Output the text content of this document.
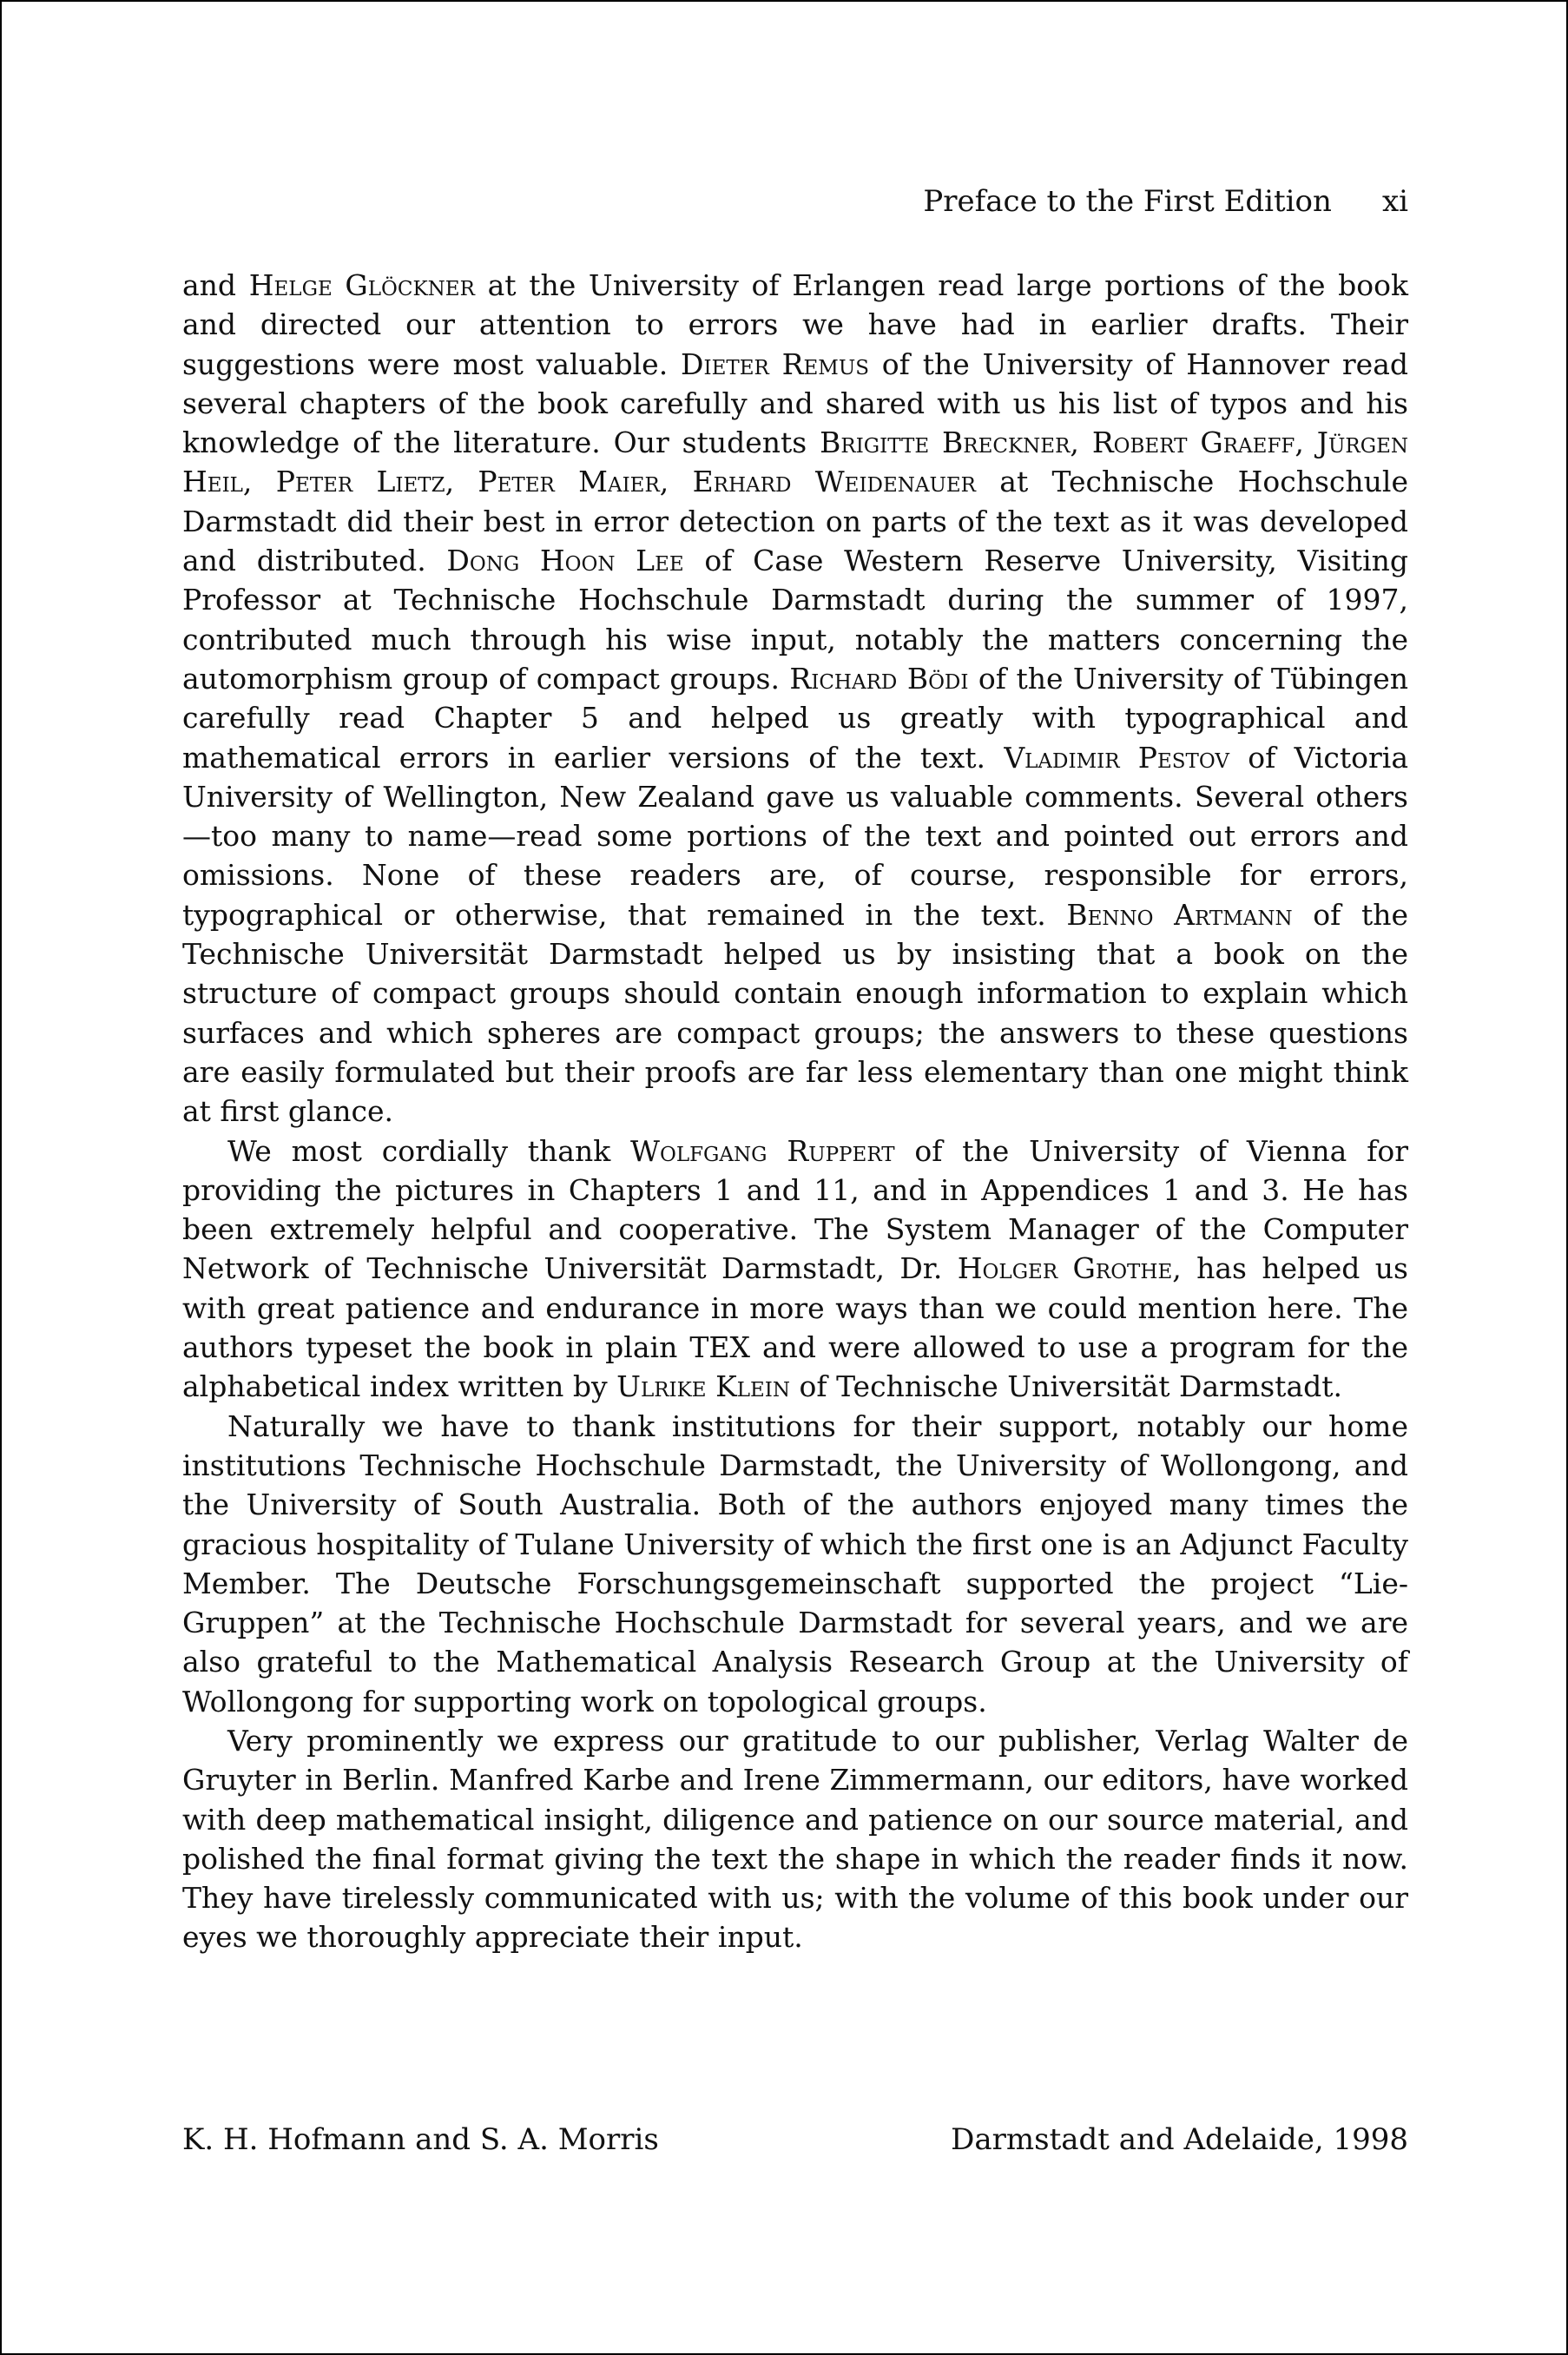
Preface to the First Edition xi

and Helge Glöckner at the University of Erlangen read large portions of the book and directed our attention to errors we have had in earlier drafts. Their suggestions were most valuable. Dieter Remus of the University of Hannover read several chapters of the book carefully and shared with us his list of typos and his knowledge of the literature. Our students Brigitte Breckner, Robert Graeff, Jürgen Heil, Peter Lietz, Peter Maier, Erhard Weidenauer at Technische Hochschule Darmstadt did their best in error detection on parts of the text as it was developed and distributed. Dong Hoon Lee of Case Western Reserve University, Visiting Professor at Technische Hochschule Darmstadt during the summer of 1997, contributed much through his wise input, notably the matters concerning the automorphism group of compact groups. Richard Bödi of the University of Tübingen carefully read Chapter 5 and helped us greatly with typographical and mathematical errors in earlier versions of the text. Vladimir Pestov of Victoria University of Wellington, New Zealand gave us valuable comments. Several others—too many to name—read some portions of the text and pointed out errors and omissions. None of these readers are, of course, responsible for errors, typographical or otherwise, that remained in the text. Benno Artmann of the Technische Universität Darmstadt helped us by insisting that a book on the structure of compact groups should contain enough information to explain which surfaces and which spheres are compact groups; the answers to these questions are easily formulated but their proofs are far less elementary than one might think at first glance.

We most cordially thank Wolfgang Ruppert of the University of Vienna for providing the pictures in Chapters 1 and 11, and in Appendices 1 and 3. He has been extremely helpful and cooperative. The System Manager of the Computer Network of Technische Universität Darmstadt, Dr. Holger Grothe, has helped us with great patience and endurance in more ways than we could mention here. The authors typeset the book in plain TEX and were allowed to use a program for the alphabetical index written by Ulrike Klein of Technische Universität Darmstadt.

Naturally we have to thank institutions for their support, notably our home institutions Technische Hochschule Darmstadt, the University of Wollongong, and the University of South Australia. Both of the authors enjoyed many times the gracious hospitality of Tulane University of which the first one is an Adjunct Faculty Member. The Deutsche Forschungsgemeinschaft supported the project “Lie-Gruppen” at the Technische Hochschule Darmstadt for several years, and we are also grateful to the Mathematical Analysis Research Group at the University of Wollongong for supporting work on topological groups.

Very prominently we express our gratitude to our publisher, Verlag Walter de Gruyter in Berlin. Manfred Karbe and Irene Zimmermann, our editors, have worked with deep mathematical insight, diligence and patience on our source material, and polished the final format giving the text the shape in which the reader finds it now. They have tirelessly communicated with us; with the volume of this book under our eyes we thoroughly appreciate their input.

K. H. Hofmann and S. A. Morris	Darmstadt and Adelaide, 1998
